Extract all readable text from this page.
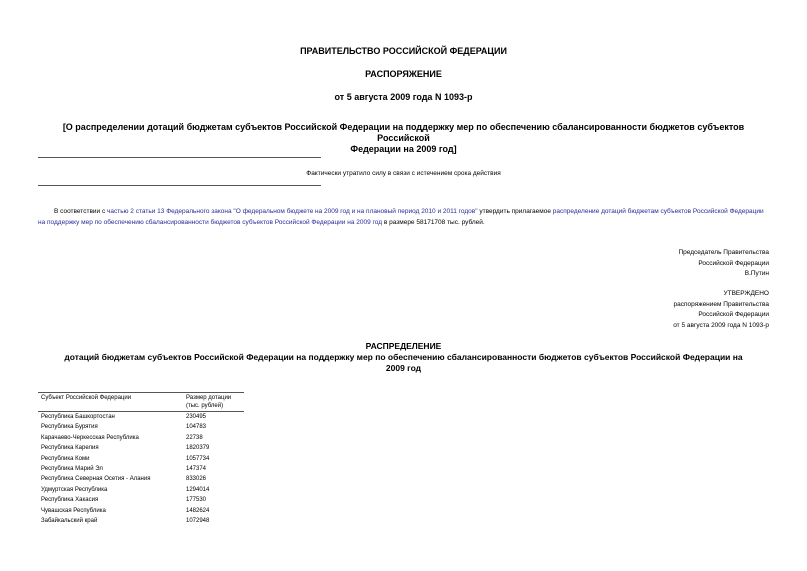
ПРАВИТЕЛЬСТВО РОССИЙСКОЙ ФЕДЕРАЦИИ
РАСПОРЯЖЕНИЕ
от 5 августа 2009 года N 1093-р
[О распределении дотаций бюджетам субъектов Российской Федерации на поддержку мер по обеспечению сбалансированности бюджетов субъектов Российской
Федерации на 2009 год]
Фактически утратило силу в связи с истечением срока действия
В соответствии с частью 2 статьи 13 Федерального закона "О федеральном бюджете на 2009 год и на плановый период 2010 и 2011 годов" утвердить прилагаемое распределение дотаций бюджетам субъектов Российской Федерации на поддержку мер по обеспечению сбалансированности бюджетов субъектов Российской Федерации на 2009 год в размере 58171708 тыс. рублей.
Председатель Правительства
Российской Федерации
В.Путин
УТВЕРЖДЕНО
распоряжением Правительства
Российской Федерации
от 5 августа 2009 года N 1093-р
РАСПРЕДЕЛЕНИЕ
дотаций бюджетам субъектов Российской Федерации на поддержку мер по обеспечению сбалансированности бюджетов субъектов Российской Федерации на
2009 год
Субъект Российской Федерации	Размер дотации
(тыс. рублей)

Республика Башкортостан	230495
Республика Бурятия	104783
Карачаево-Черкесская Республика	22738
Республика Карелия	1820379
Республика Коми	1057734
Республика Марий Эл	147374
Республика Северная Осетия - Алания	833026
Удмуртская Республика	1294014
Республика Хакасия	177530
Чувашская Республика	1482624
Забайкальский край	1072948
